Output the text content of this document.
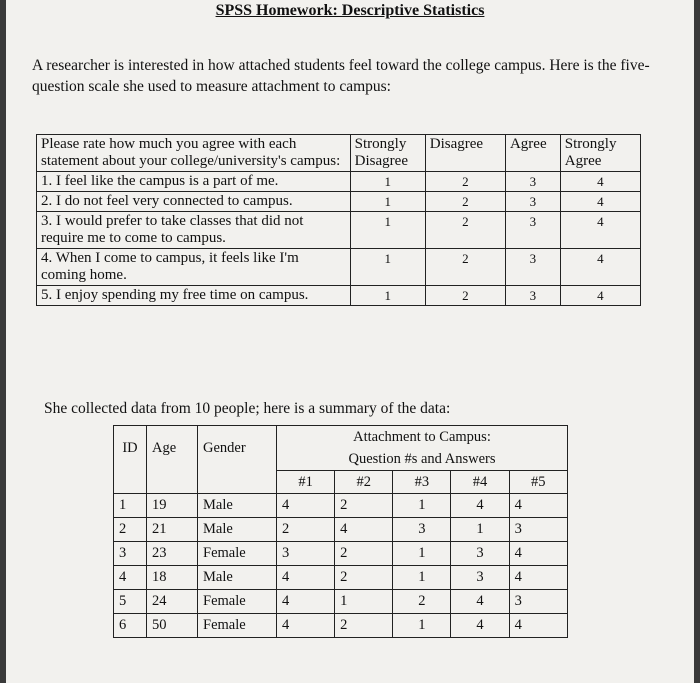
SPSS Homework: Descriptive Statistics
A researcher is interested in how attached students feel toward the college campus. Here is the five-question scale she used to measure attachment to campus:
Please rate how much you agree with each statement about your college/university's campus:	Strongly Disagree	Disagree	Agree	Strongly Agree
1. I feel like the campus is a part of me.	1	2	3	4
2. I do not feel very connected to campus.	1	2	3	4
3. I would prefer to take classes that did not require me to come to campus.	1	2	3	4
4. When I come to campus, it feels like I'm coming home.	1	2	3	4
5. I enjoy spending my free time on campus.	1	2	3	4
She collected data from 10 people; here is a summary of the data:
ID	Age	Gender	Attachment to Campus:				
			Question #s and Answers				
			#1	#2	#3	#4	#5
1	19	Male	4	2	1	4	4
2	21	Male	2	4	3	1	3
3	23	Female	3	2	1	3	4
4	18	Male	4	2	1	3	4
5	24	Female	4	1	2	4	3
6	50	Female	4	2	1	4	4
